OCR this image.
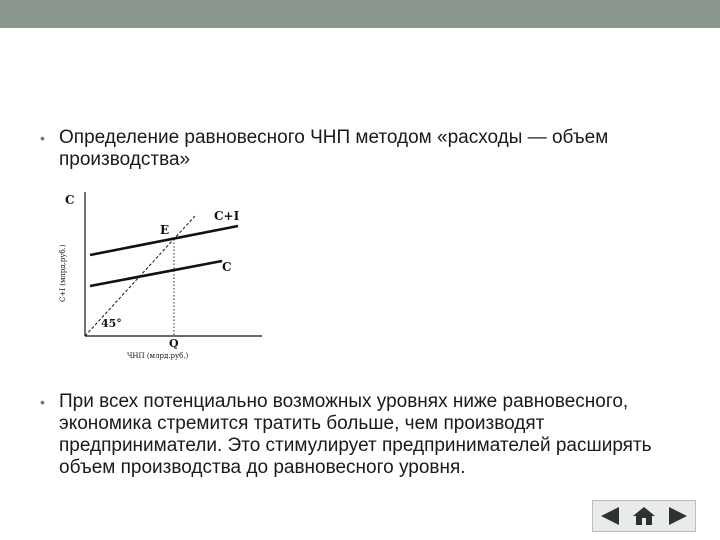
• Определение равновесного ЧНП методом «расходы — объем производства»
C
C+I (млрд.руб.)
E
C+I
C
45°
Q
ЧНП (млрд.руб.)
• При всех потенциально возможных уровнях ниже равновесного, экономика стремится тратить больше, чем производят предприниматели. Это стимулирует предпринимателей расширять объем производства до равновесного уровня.
